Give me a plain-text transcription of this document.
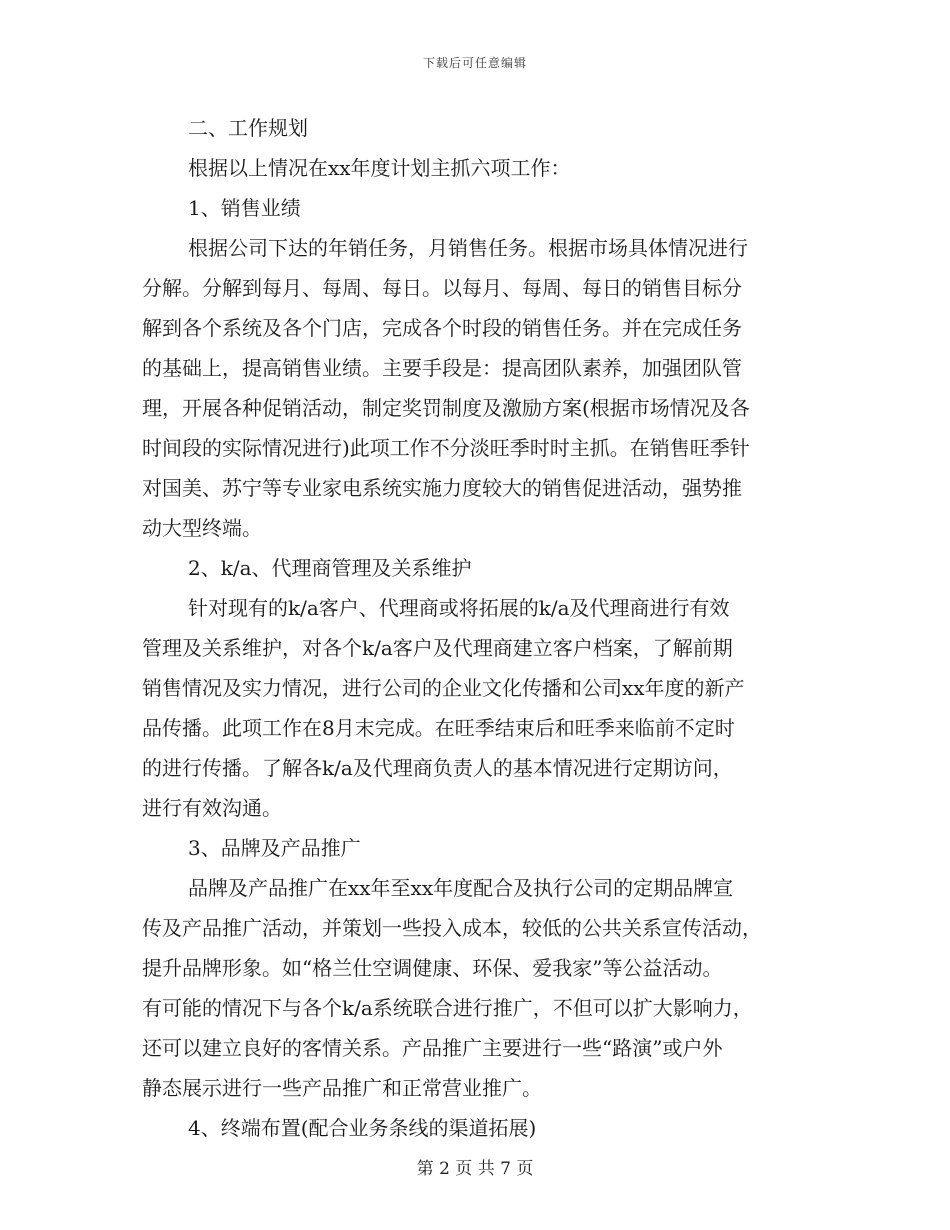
下载后可任意编辑
二、工作规划
根据以上情况在xx年度计划主抓六项工作：
1、销售业绩
根据公司下达的年销任务，月销售任务。根据市场具体情况进行
分解。分解到每月、每周、每日。以每月、每周、每日的销售目标分
解到各个系统及各个门店，完成各个时段的销售任务。并在完成任务
的基础上，提高销售业绩。主要手段是：提高团队素养，加强团队管
理，开展各种促销活动，制定奖罚制度及激励方案(根据市场情况及各
时间段的实际情况进行)此项工作不分淡旺季时时主抓。在销售旺季针
对国美、苏宁等专业家电系统实施力度较大的销售促进活动，强势推
动大型终端。
2、k/a、代理商管理及关系维护
针对现有的k/a客户、代理商或将拓展的k/a及代理商进行有效
管理及关系维护，对各个k/a客户及代理商建立客户档案，了解前期
销售情况及实力情况，进行公司的企业文化传播和公司xx年度的新产
品传播。此项工作在8月末完成。在旺季结束后和旺季来临前不定时
的进行传播。了解各k/a及代理商负责人的基本情况进行定期访问，
进行有效沟通。
3、品牌及产品推广
品牌及产品推广在xx年至xx年度配合及执行公司的定期品牌宣
传及产品推广活动，并策划一些投入成本，较低的公共关系宣传活动，
提升品牌形象。如“格兰仕空调健康、环保、爱我家”等公益活动。
有可能的情况下与各个k/a系统联合进行推广，不但可以扩大影响力，
还可以建立良好的客情关系。产品推广主要进行一些“路演”或户外
静态展示进行一些产品推广和正常营业推广。
4、终端布置(配合业务条线的渠道拓展)
第 2 页 共 7 页
